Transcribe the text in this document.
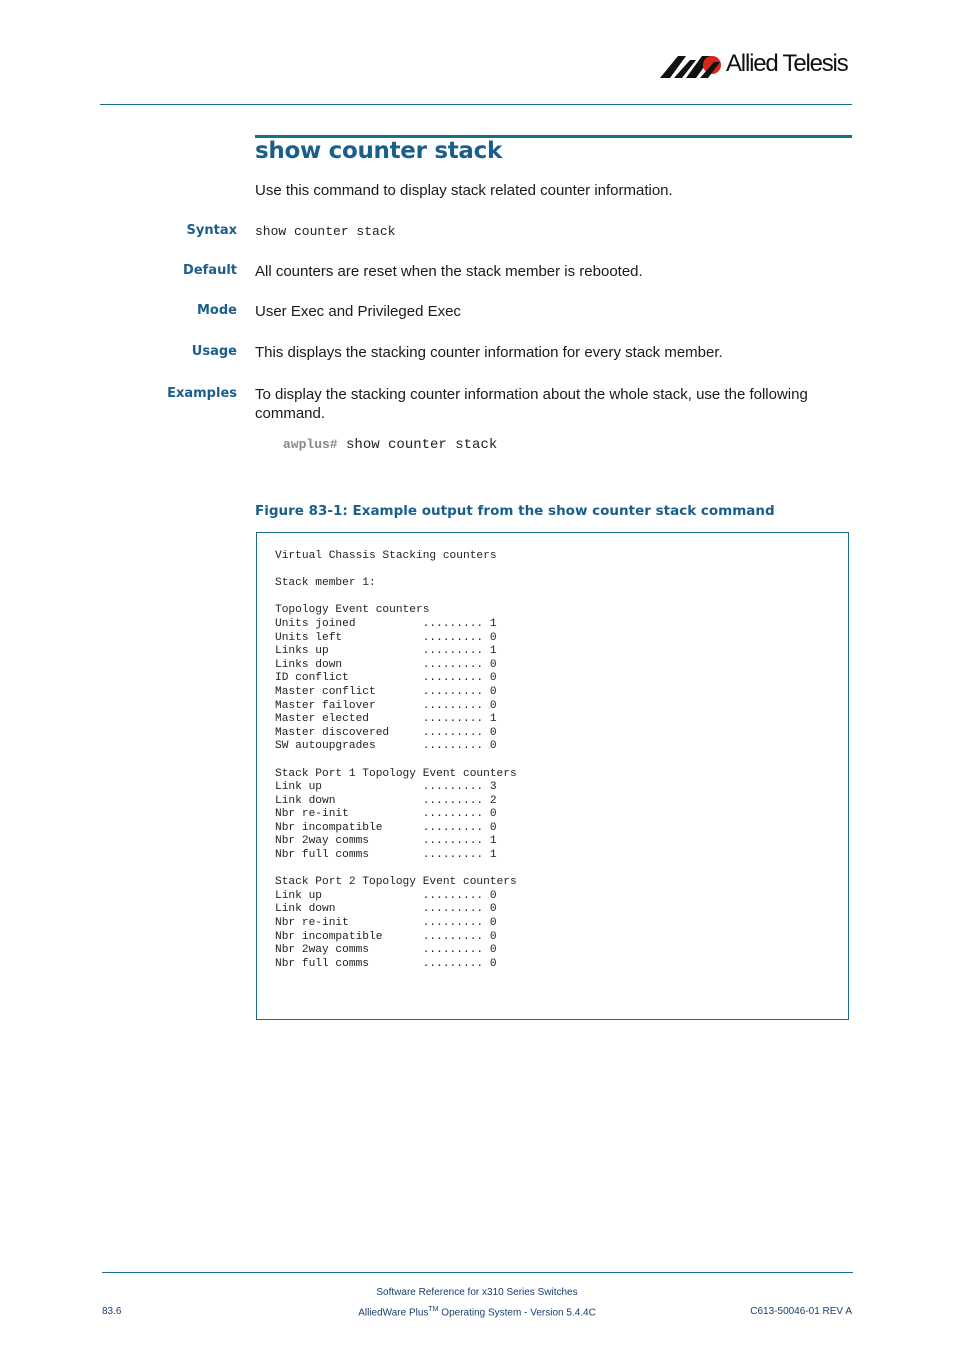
Allied Telesis
show counter stack
Use this command to display stack related counter information.
Syntax show counter stack
Default All counters are reset when the stack member is rebooted.
Mode User Exec and Privileged Exec
Usage This displays the stacking counter information for every stack member.
Examples To display the stacking counter information about the whole stack, use the following command.
awplus# show counter stack
Figure 83-1: Example output from the show counter stack command
Virtual Chassis Stacking counters

Stack member 1:

Topology Event counters
Units joined          ......... 1
Units left            ......... 0
Links up              ......... 1
Links down            ......... 0
ID conflict           ......... 0
Master conflict       ......... 0
Master failover       ......... 0
Master elected        ......... 1
Master discovered     ......... 0
SW autoupgrades       ......... 0

Stack Port 1 Topology Event counters
Link up               ......... 3
Link down             ......... 2
Nbr re-init           ......... 0
Nbr incompatible      ......... 0
Nbr 2way comms        ......... 1
Nbr full comms        ......... 1

Stack Port 2 Topology Event counters
Link up               ......... 0
Link down             ......... 0
Nbr re-init           ......... 0
Nbr incompatible      ......... 0
Nbr 2way comms        ......... 0
Nbr full comms        ......... 0
Software Reference for x310 Series Switches
83.6	AlliedWare Plus™ Operating System - Version 5.4.4C	C613-50046-01 REV A
